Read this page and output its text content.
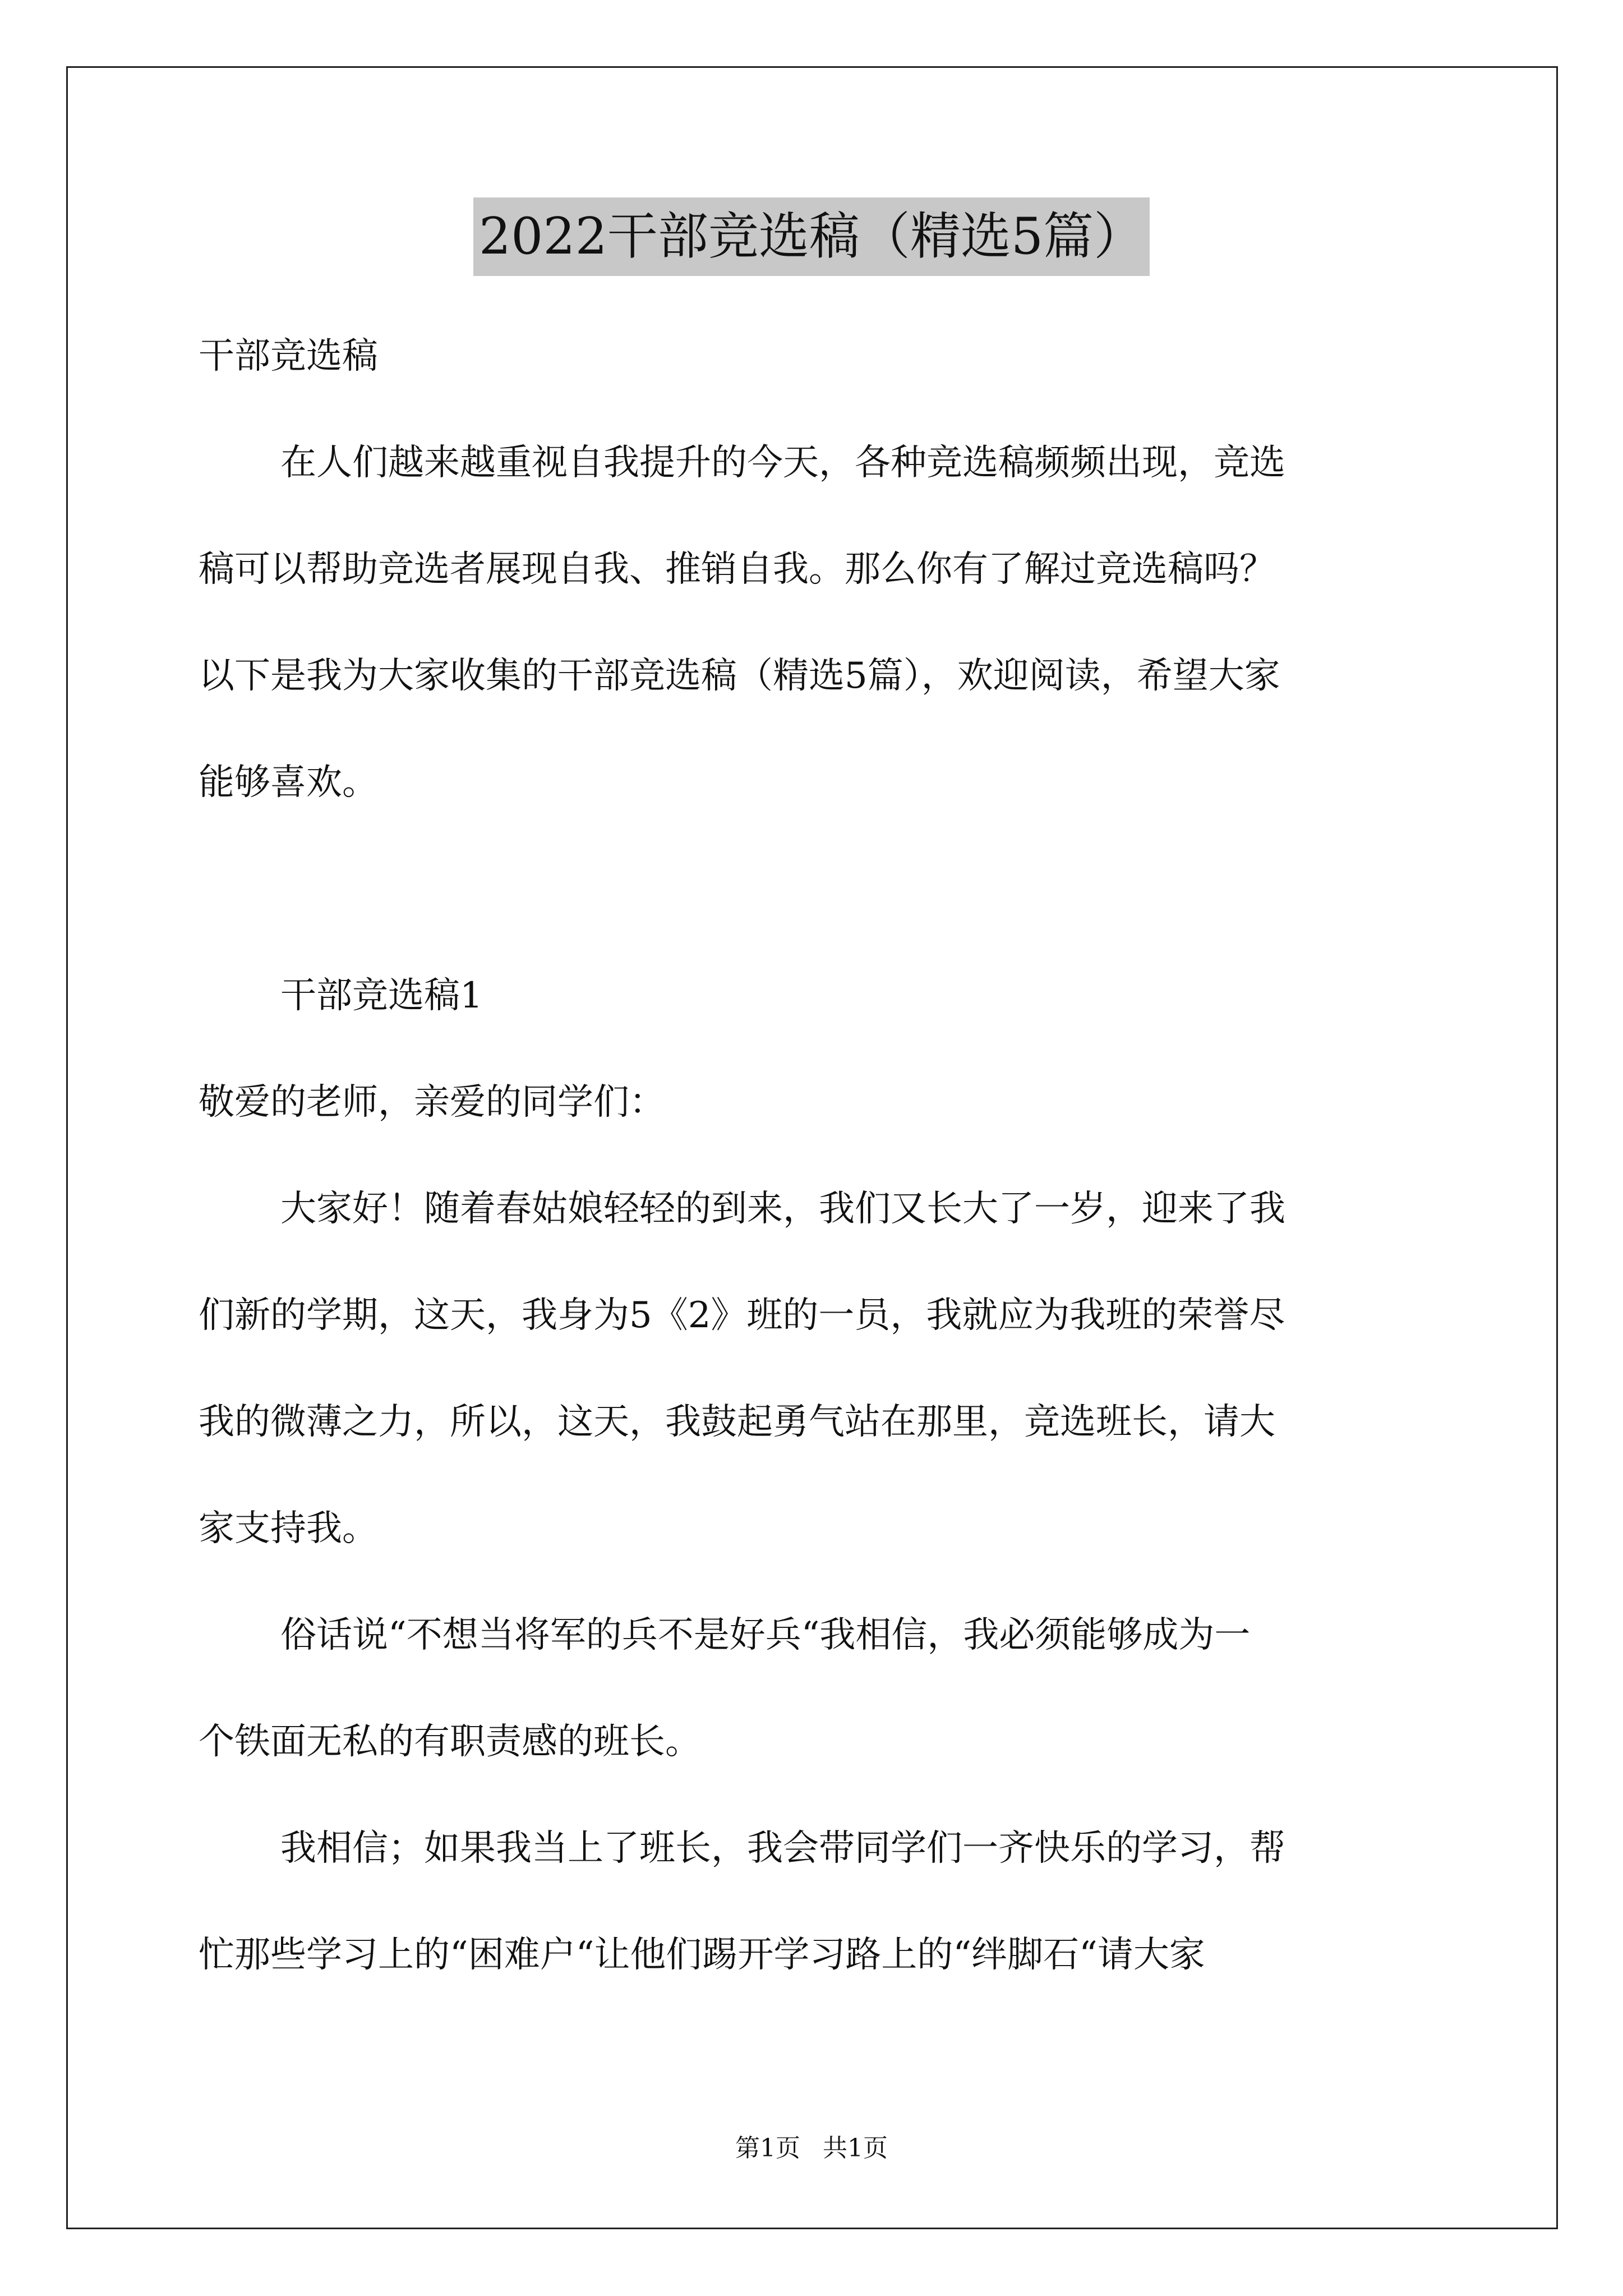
2022干部竞选稿（精选5篇）
干部竞选稿
在人们越来越重视自我提升的今天，各种竞选稿频频出现，竞选
稿可以帮助竞选者展现自我、推销自我。那么你有了解过竞选稿吗？
以下是我为大家收集的干部竞选稿（精选5篇），欢迎阅读，希望大家
能够喜欢。
干部竞选稿1
敬爱的老师，亲爱的同学们：
大家好！随着春姑娘轻轻的到来，我们又长大了一岁，迎来了我
们新的学期，这天，我身为5《2》班的一员，我就应为我班的荣誉尽
我的微薄之力，所以，这天，我鼓起勇气站在那里，竞选班长，请大
家支持我。
俗话说“不想当将军的兵不是好兵“我相信，我必须能够成为一
个铁面无私的有职责感的班长。
我相信；如果我当上了班长，我会带同学们一齐快乐的学习，帮
忙那些学习上的“困难户“让他们踢开学习路上的“绊脚石“请大家
第1页 共1页
